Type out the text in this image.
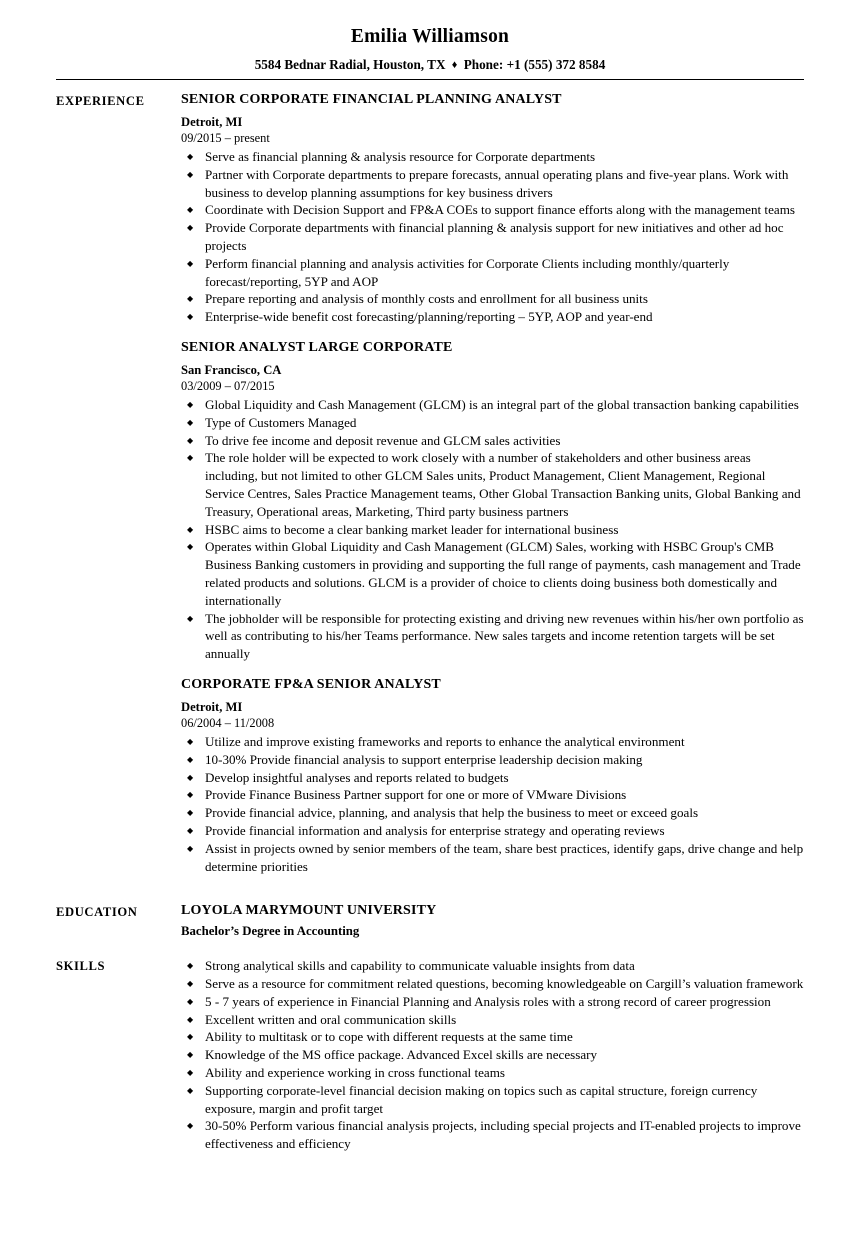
Emilia Williamson
5584 Bednar Radial, Houston, TX ♦ Phone: +1 (555) 372 8584
EXPERIENCE	SENIOR CORPORATE FINANCIAL PLANNING ANALYST
Detroit, MI
09/2015 – present
◆ Serve as financial planning & analysis resource for Corporate departments
◆ Partner with Corporate departments to prepare forecasts, annual operating plans and five-year plans. Work with business to develop planning assumptions for key business drivers
◆ Coordinate with Decision Support and FP&A COEs to support finance efforts along with the management teams
◆ Provide Corporate departments with financial planning & analysis support for new initiatives and other ad hoc projects
◆ Perform financial planning and analysis activities for Corporate Clients including monthly/quarterly forecast/reporting, 5YP and AOP
◆ Prepare reporting and analysis of monthly costs and enrollment for all business units
◆ Enterprise-wide benefit cost forecasting/planning/reporting – 5YP, AOP and year-end
SENIOR ANALYST LARGE CORPORATE
San Francisco, CA
03/2009 – 07/2015
◆ Global Liquidity and Cash Management (GLCM) is an integral part of the global transaction banking capabilities
◆ Type of Customers Managed
◆ To drive fee income and deposit revenue and GLCM sales activities
◆ The role holder will be expected to work closely with a number of stakeholders and other business areas including, but not limited to other GLCM Sales units, Product Management, Client Management, Regional Service Centres, Sales Practice Management teams, Other Global Transaction Banking units, Global Banking and Treasury, Operational areas, Marketing, Third party business partners
◆ HSBC aims to become a clear banking market leader for international business
◆ Operates within Global Liquidity and Cash Management (GLCM) Sales, working with HSBC Group's CMB Business Banking customers in providing and supporting the full range of payments, cash management and Trade related products and solutions. GLCM is a provider of choice to clients doing business both domestically and internationally
◆ The jobholder will be responsible for protecting existing and driving new revenues within his/her own portfolio as well as contributing to his/her Teams performance. New sales targets and income retention targets will be set annually
CORPORATE FP&A SENIOR ANALYST
Detroit, MI
06/2004 – 11/2008
◆ Utilize and improve existing frameworks and reports to enhance the analytical environment
◆ 10-30% Provide financial analysis to support enterprise leadership decision making
◆ Develop insightful analyses and reports related to budgets
◆ Provide Finance Business Partner support for one or more of VMware Divisions
◆ Provide financial advice, planning, and analysis that help the business to meet or exceed goals
◆ Provide financial information and analysis for enterprise strategy and operating reviews
◆ Assist in projects owned by senior members of the team, share best practices, identify gaps, drive change and help determine priorities
EDUCATION	LOYOLA MARYMOUNT UNIVERSITY
Bachelor’s Degree in Accounting
SKILLS	◆ Strong analytical skills and capability to communicate valuable insights from data
◆ Serve as a resource for commitment related questions, becoming knowledgeable on Cargill’s valuation framework
◆ 5 - 7 years of experience in Financial Planning and Analysis roles with a strong record of career progression
◆ Excellent written and oral communication skills
◆ Ability to multitask or to cope with different requests at the same time
◆ Knowledge of the MS office package. Advanced Excel skills are necessary
◆ Ability and experience working in cross functional teams
◆ Supporting corporate-level financial decision making on topics such as capital structure, foreign currency exposure, margin and profit target
◆ 30-50% Perform various financial analysis projects, including special projects and IT-enabled projects to improve effectiveness and efficiency
